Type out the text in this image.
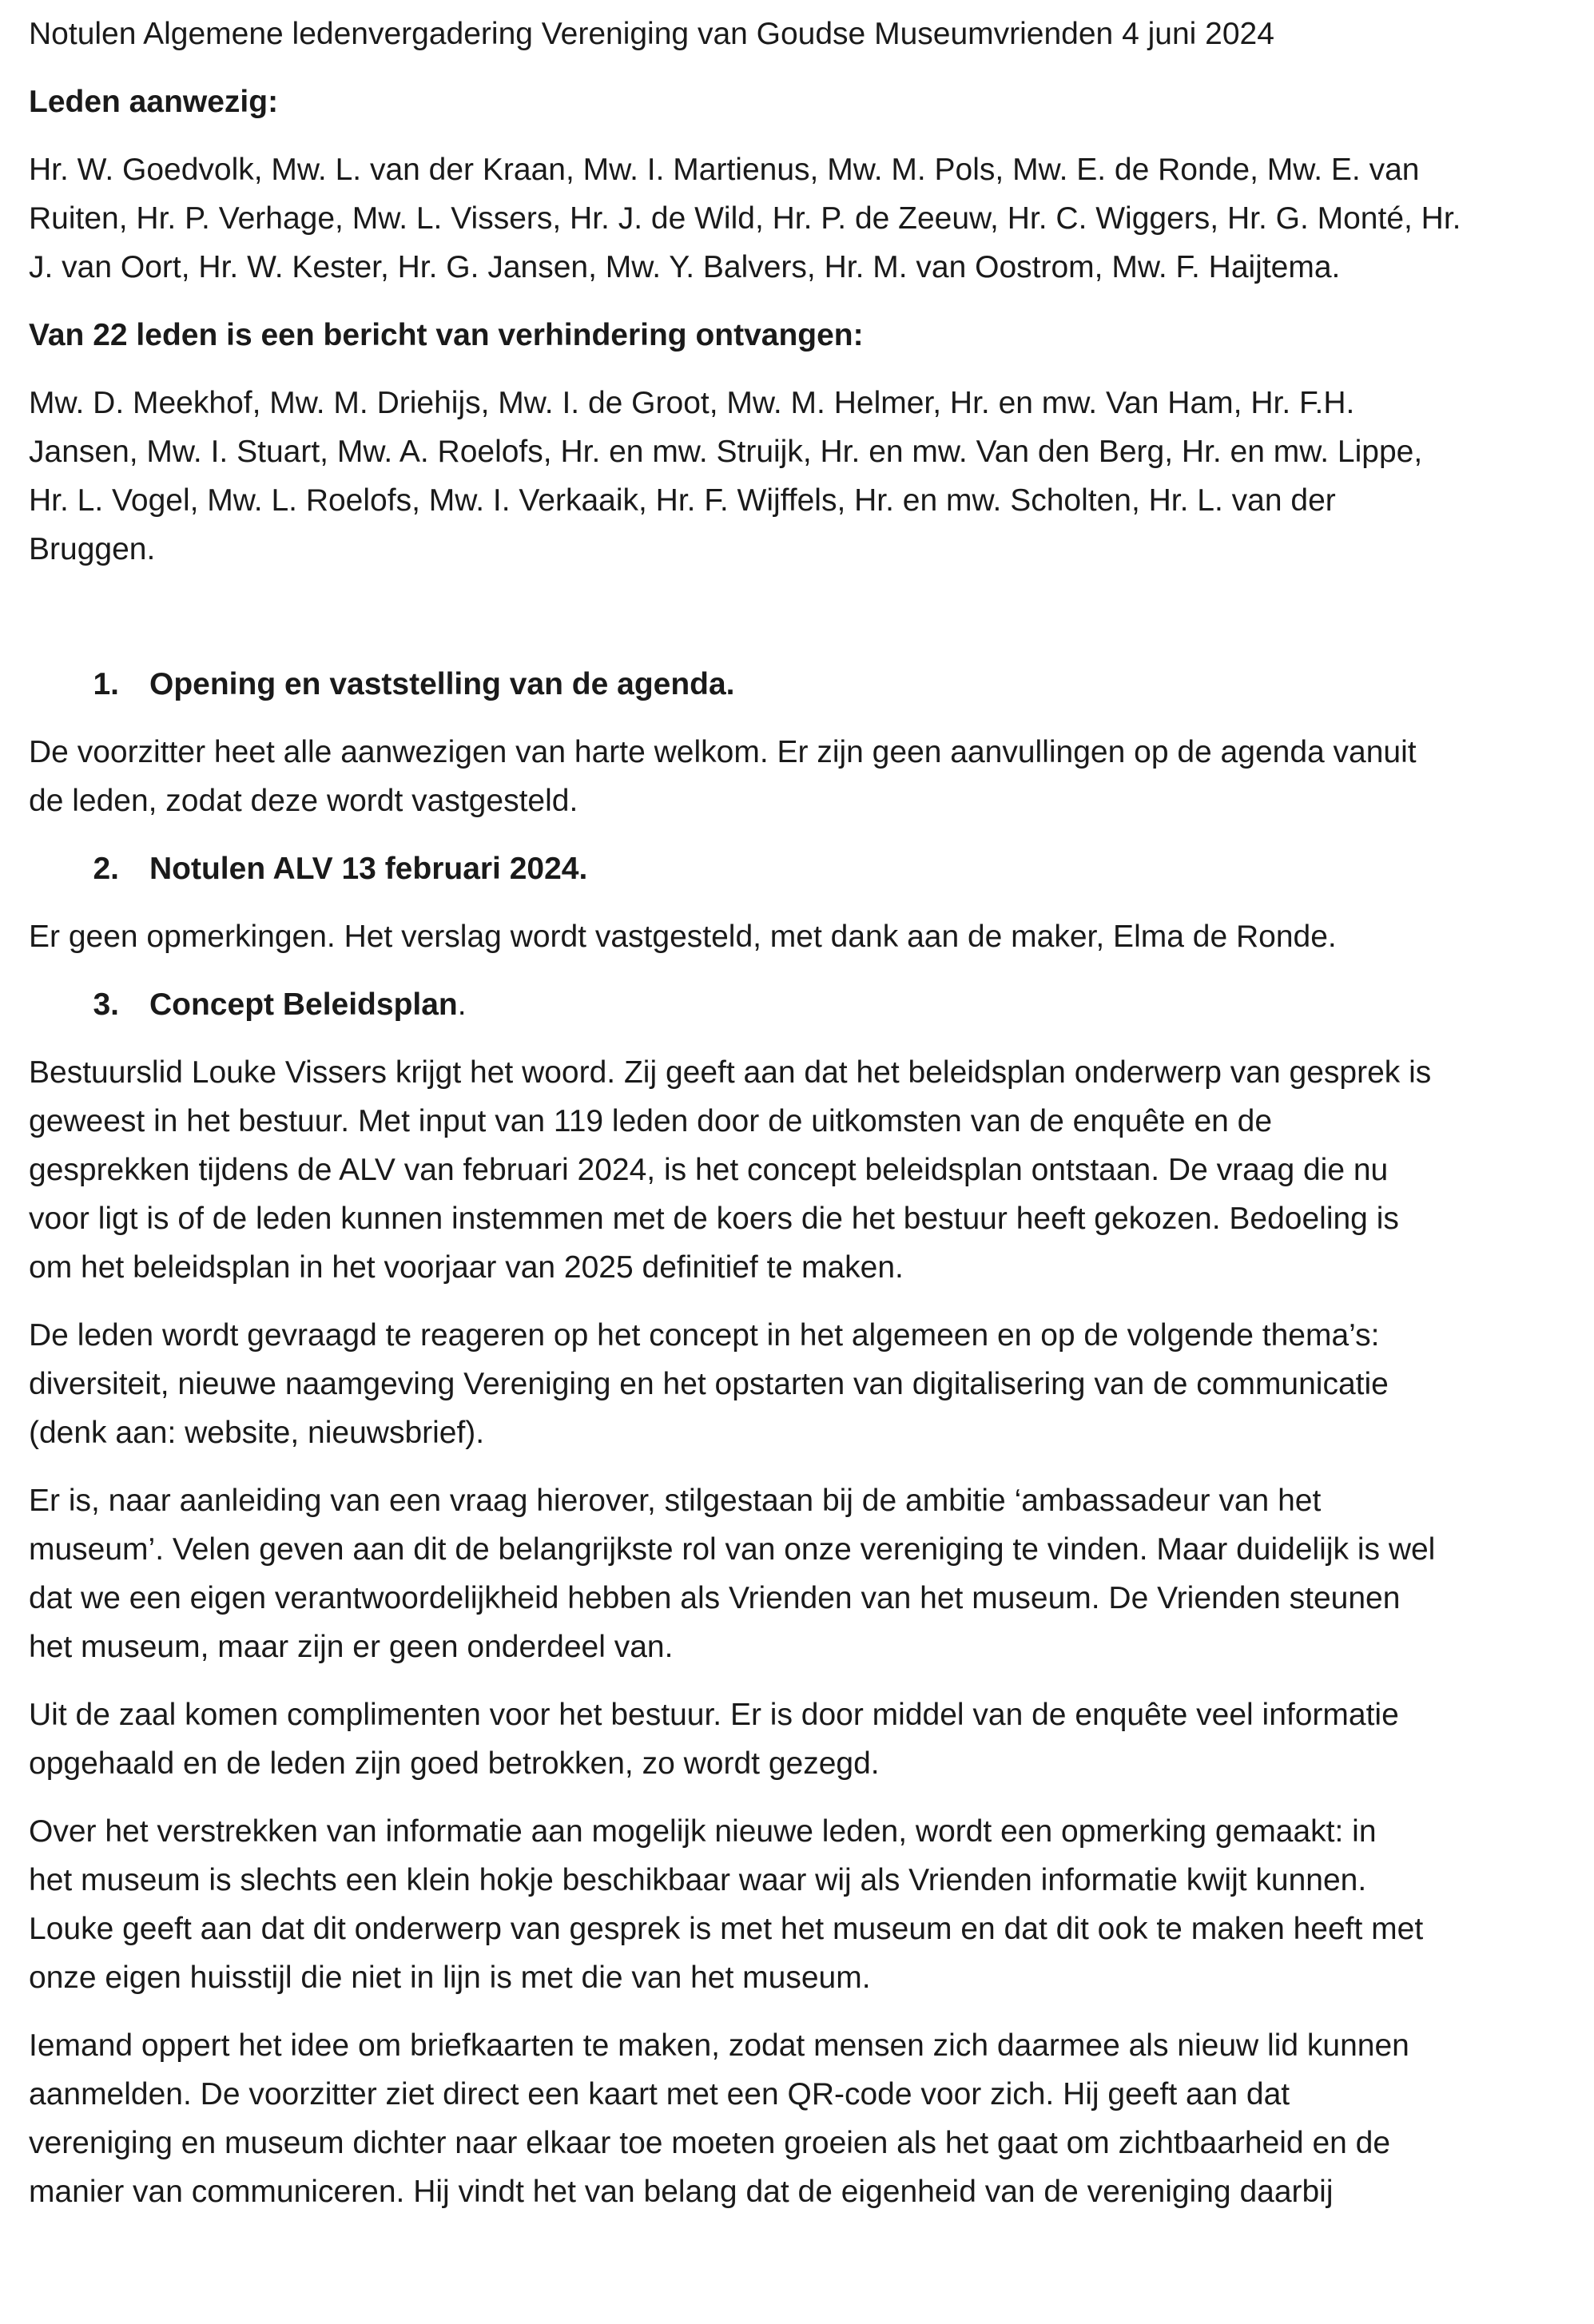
Notulen Algemene ledenvergadering Vereniging van Goudse Museumvrienden 4 juni 2024

Leden aanwezig:

Hr. W. Goedvolk, Mw. L. van der Kraan, Mw. I. Martienus, Mw. M. Pols, Mw. E. de Ronde, Mw. E. van
Ruiten, Hr. P. Verhage, Mw. L. Vissers, Hr. J. de Wild, Hr. P. de Zeeuw, Hr. C. Wiggers, Hr. G. Monté, Hr.
J. van Oort, Hr. W. Kester, Hr. G. Jansen, Mw. Y. Balvers, Hr. M. van Oostrom, Mw. F. Haijtema.

Van 22 leden is een bericht van verhindering ontvangen:

Mw. D. Meekhof, Mw. M. Driehijs, Mw. I. de Groot, Mw. M. Helmer, Hr. en mw. Van Ham, Hr. F.H.
Jansen, Mw. I. Stuart, Mw. A. Roelofs, Hr. en mw. Struijk, Hr. en mw. Van den Berg, Hr. en mw. Lippe,
Hr. L. Vogel, Mw. L. Roelofs, Mw. I. Verkaaik, Hr. F. Wijffels, Hr. en mw. Scholten, Hr. L. van der
Bruggen.
1. Opening en vaststelling van de agenda.
De voorzitter heet alle aanwezigen van harte welkom. Er zijn geen aanvullingen op de agenda vanuit
de leden, zodat deze wordt vastgesteld.
2. Notulen ALV 13 februari 2024.
Er geen opmerkingen. Het verslag wordt vastgesteld, met dank aan de maker, Elma de Ronde.
3. Concept Beleidsplan.
Bestuurslid Louke Vissers krijgt het woord. Zij geeft aan dat het beleidsplan onderwerp van gesprek is
geweest in het bestuur. Met input van 119 leden door de uitkomsten van de enquête en de
gesprekken tijdens de ALV van februari 2024, is het concept beleidsplan ontstaan. De vraag die nu
voor ligt is of de leden kunnen instemmen met de koers die het bestuur heeft gekozen. Bedoeling is
om het beleidsplan in het voorjaar van 2025 definitief te maken.
De leden wordt gevraagd te reageren op het concept in het algemeen en op de volgende thema’s:
diversiteit, nieuwe naamgeving Vereniging en het opstarten van digitalisering van de communicatie
(denk aan: website, nieuwsbrief).
Er is, naar aanleiding van een vraag hierover, stilgestaan bij de ambitie ‘ambassadeur van het
museum’. Velen geven aan dit de belangrijkste rol van onze vereniging te vinden. Maar duidelijk is wel
dat we een eigen verantwoordelijkheid hebben als Vrienden van het museum. De Vrienden steunen
het museum, maar zijn er geen onderdeel van.
Uit de zaal komen complimenten voor het bestuur. Er is door middel van de enquête veel informatie
opgehaald en de leden zijn goed betrokken, zo wordt gezegd.
Over het verstrekken van informatie aan mogelijk nieuwe leden, wordt een opmerking gemaakt: in
het museum is slechts een klein hokje beschikbaar waar wij als Vrienden informatie kwijt kunnen.
Louke geeft aan dat dit onderwerp van gesprek is met het museum en dat dit ook te maken heeft met
onze eigen huisstijl die niet in lijn is met die van het museum.
Iemand oppert het idee om briefkaarten te maken, zodat mensen zich daarmee als nieuw lid kunnen
aanmelden. De voorzitter ziet direct een kaart met een QR-code voor zich. Hij geeft aan dat
vereniging en museum dichter naar elkaar toe moeten groeien als het gaat om zichtbaarheid en de
manier van communiceren. Hij vindt het van belang dat de eigenheid van de vereniging daarbij
